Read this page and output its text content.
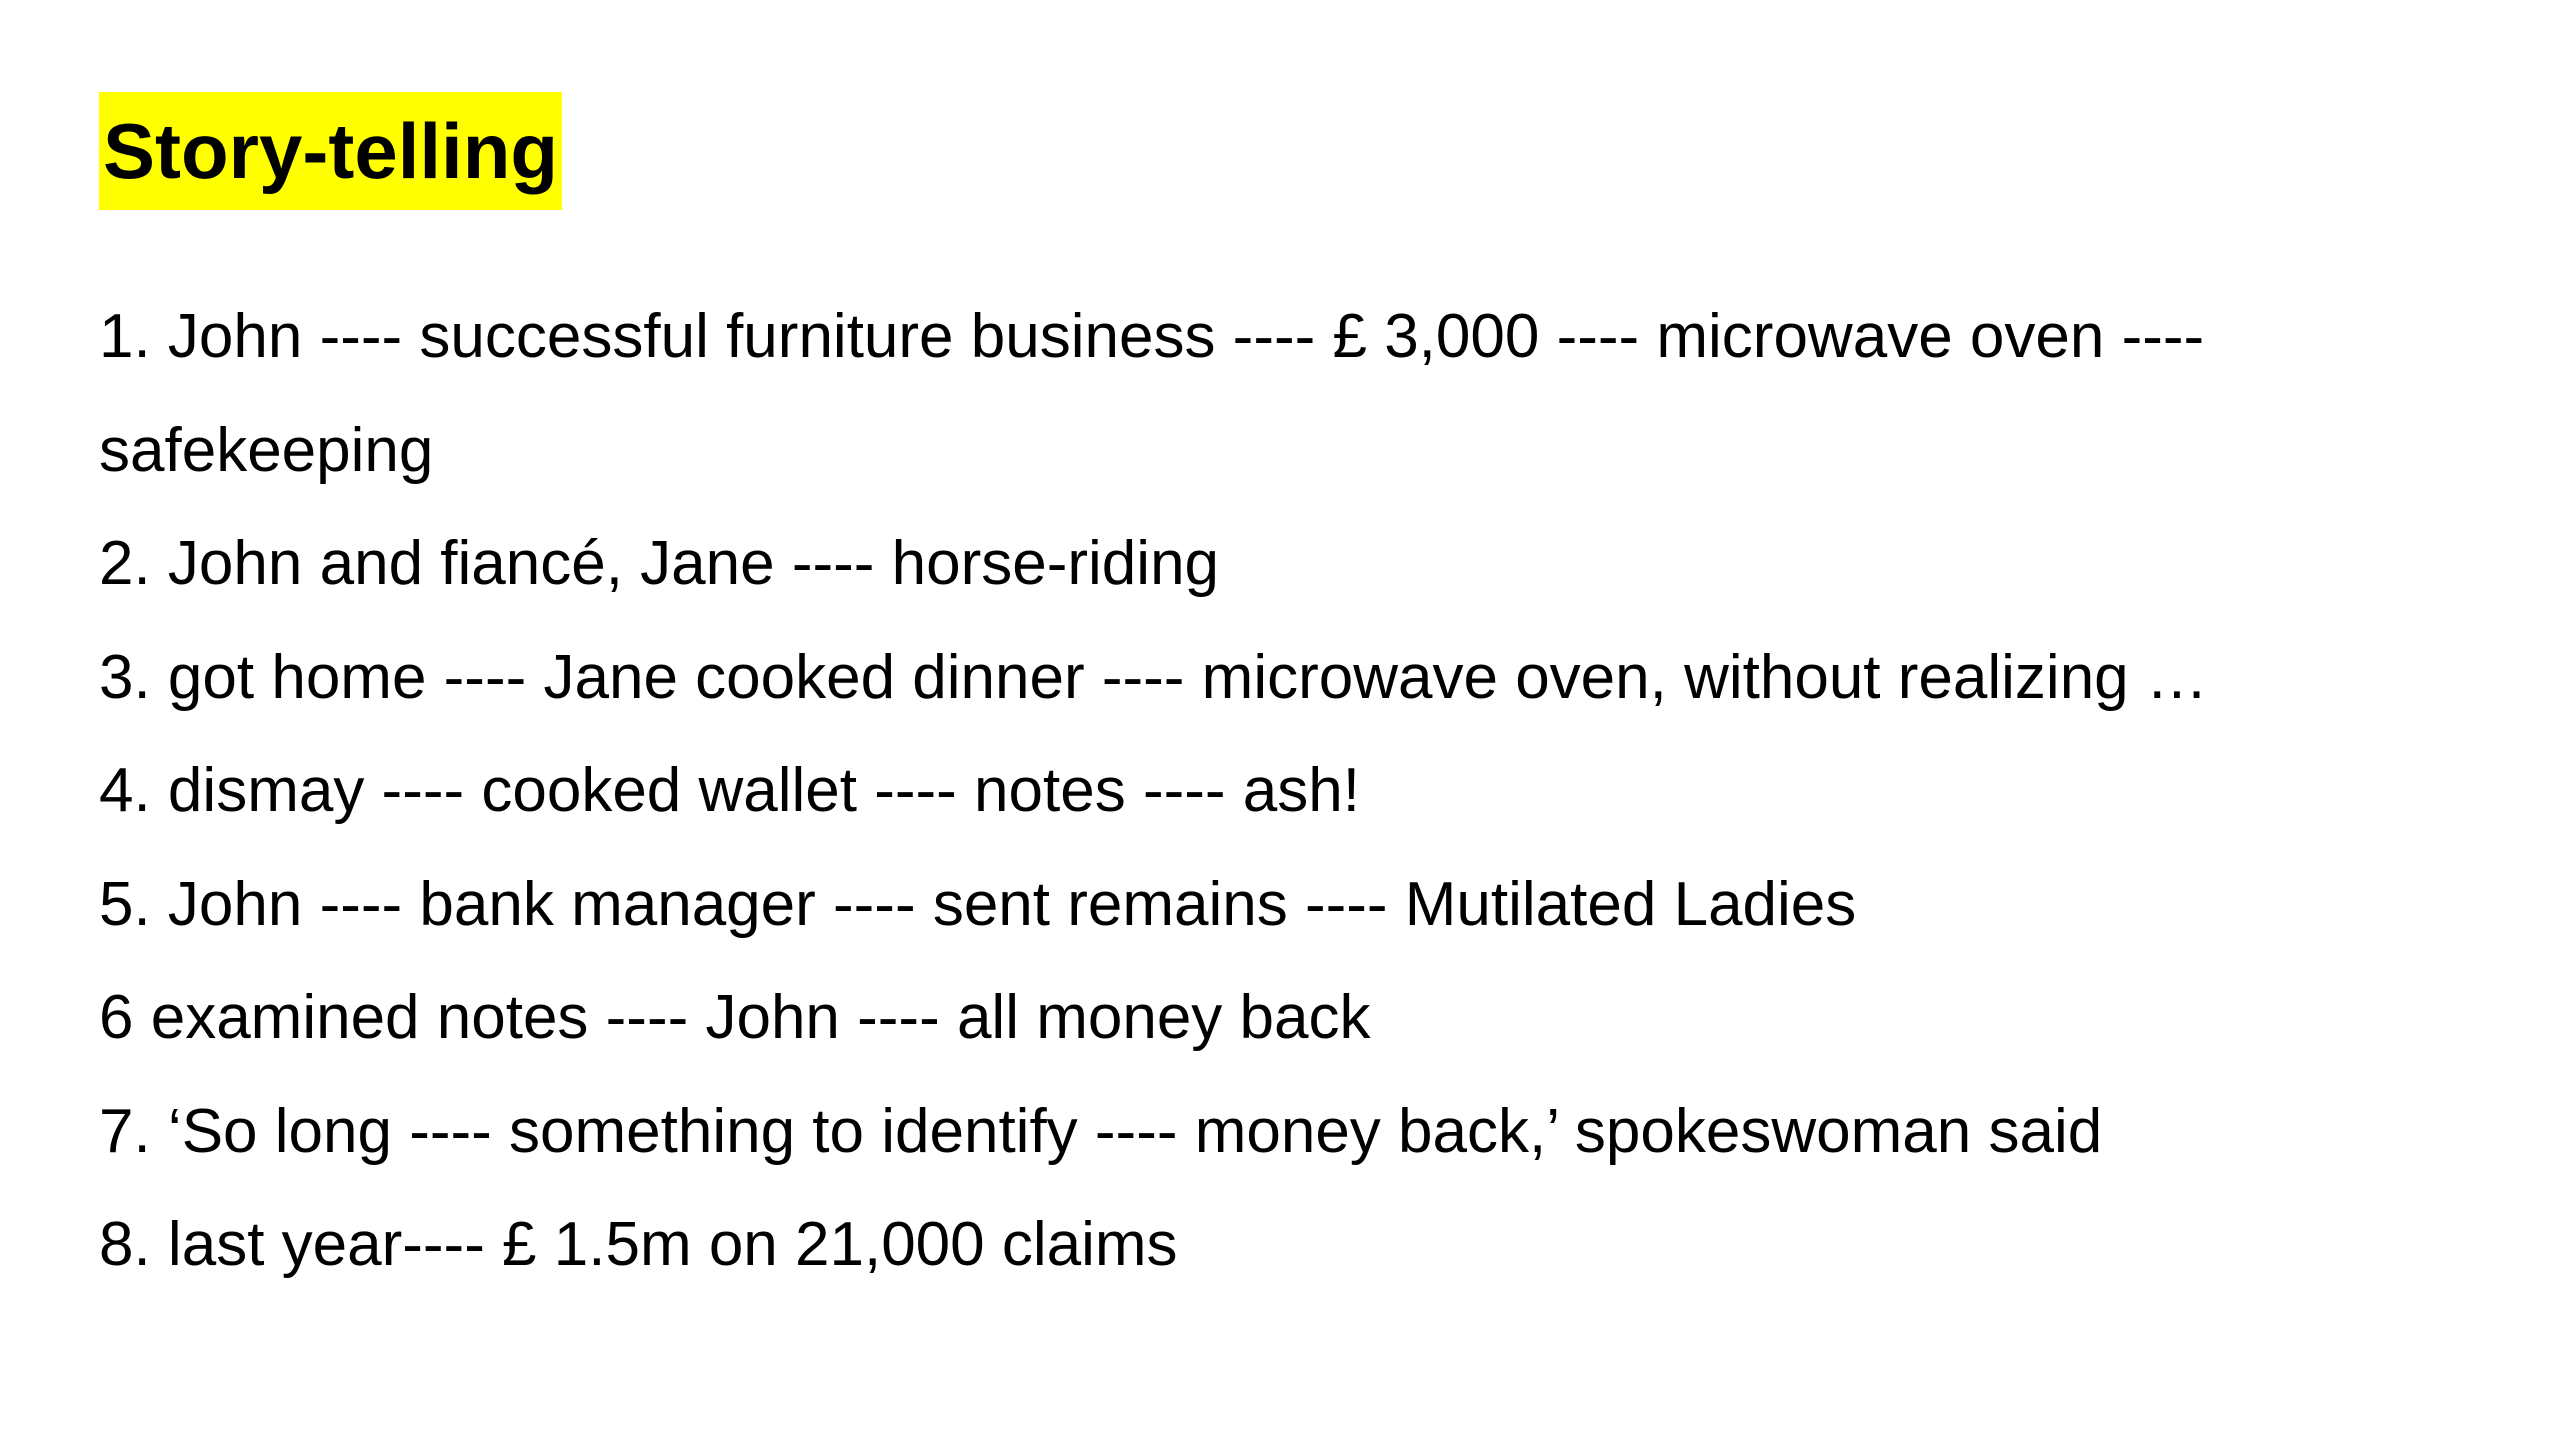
Story-telling
1. John ---- successful furniture business ---- £ 3,000 ---- microwave oven ----
safekeeping
2. John and fiancé, Jane ---- horse-riding
3. got home ---- Jane cooked dinner ---- microwave oven, without realizing …
4. dismay ---- cooked wallet ---- notes ---- ash!
5. John ---- bank manager ---- sent remains ---- Mutilated Ladies
6 examined notes ---- John ---- all money back
7. ‘So long ---- something to identify ---- money back,’ spokeswoman said
8. last year---- £ 1.5m on 21,000 claims
